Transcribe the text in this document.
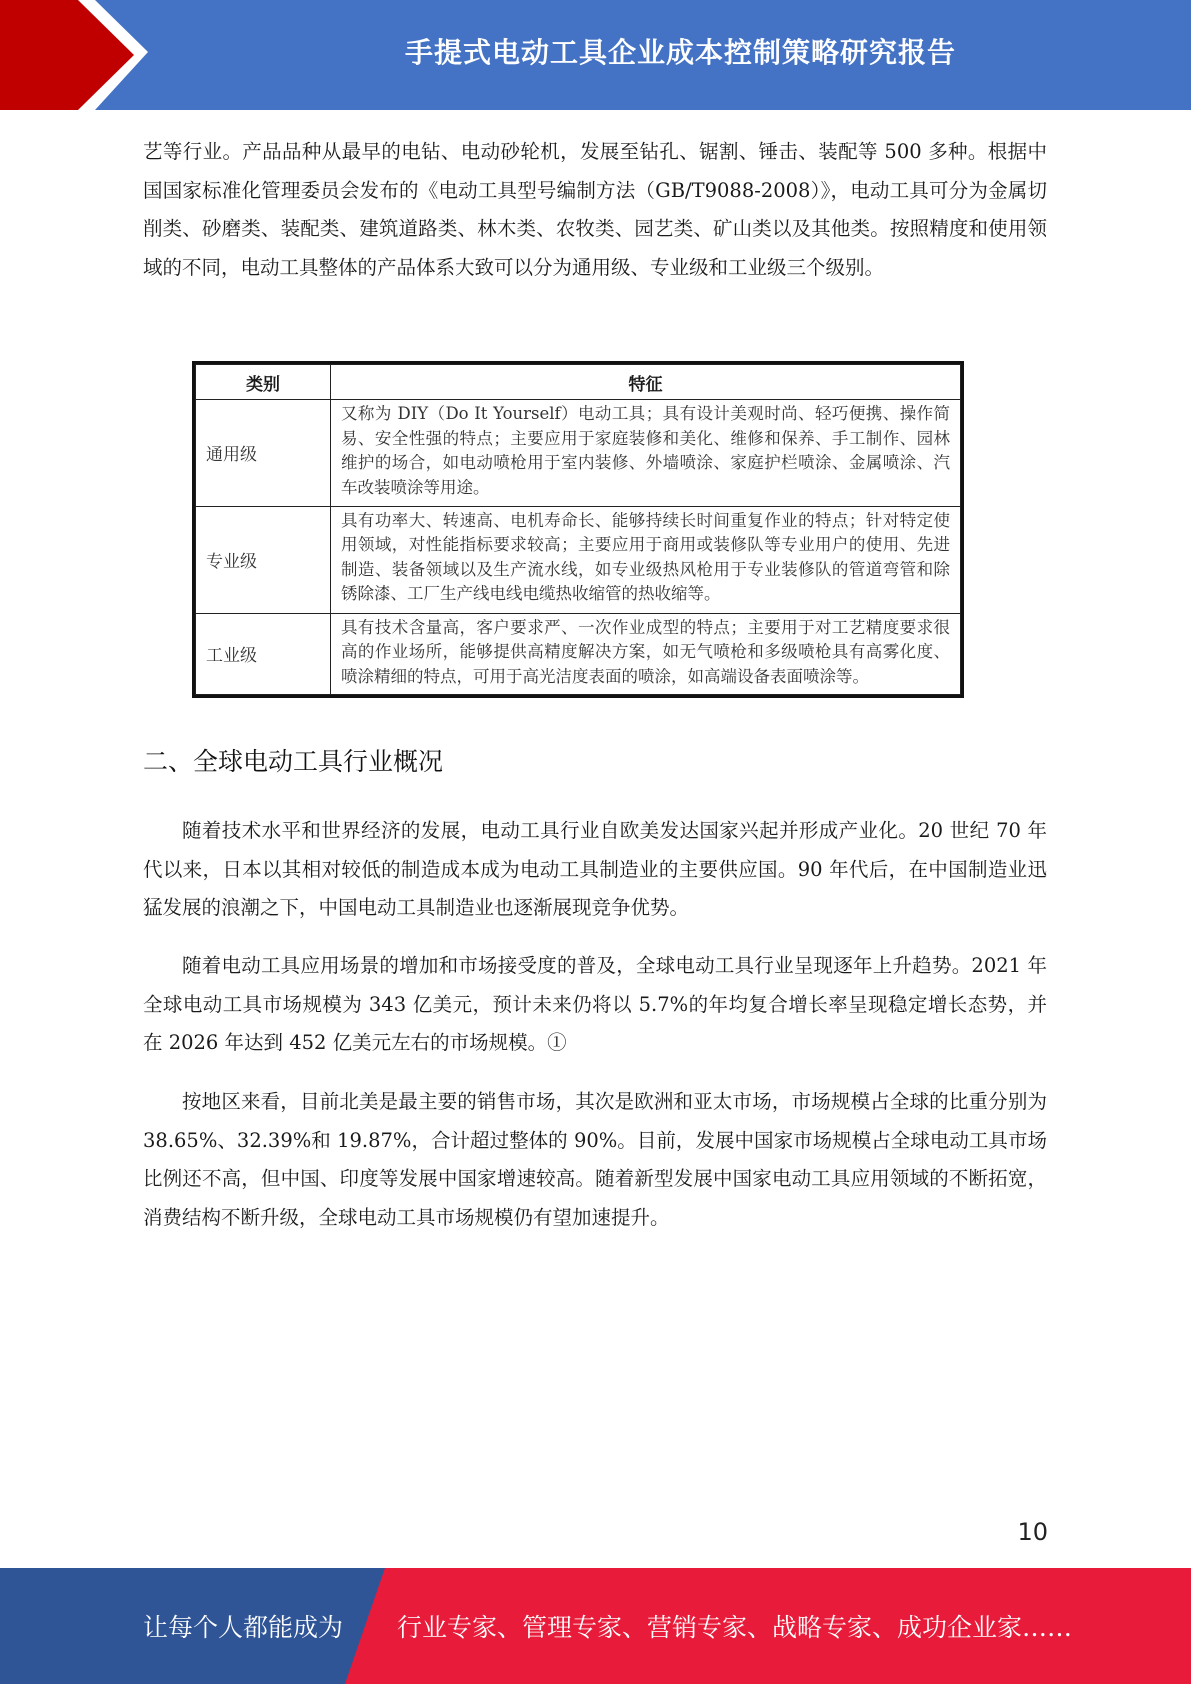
手提式电动工具企业成本控制策略研究报告

艺等行业。产品品种从最早的电钻、电动砂轮机，发展至钻孔、锯割、锤击、装配等 500 多种。根据中国国家标准化管理委员会发布的《电动工具型号编制方法（GB/T9088-2008）》，电动工具可分为金属切削类、砂磨类、装配类、建筑道路类、林木类、农牧类、园艺类、矿山类以及其他类。按照精度和使用领域的不同，电动工具整体的产品体系大致可以分为通用级、专业级和工业级三个级别。

类别	特征
通用级	又称为 DIY（Do It Yourself）电动工具；具有设计美观时尚、轻巧便携、操作简易、安全性强的特点；主要应用于家庭装修和美化、维修和保养、手工制作、园林维护的场合，如电动喷枪用于室内装修、外墙喷涂、家庭护栏喷涂、金属喷涂、汽车改装喷涂等用途。
专业级	具有功率大、转速高、电机寿命长、能够持续长时间重复作业的特点；针对特定使用领域，对性能指标要求较高；主要应用于商用或装修队等专业用户的使用、先进制造、装备领域以及生产流水线，如专业级热风枪用于专业装修队的管道弯管和除锈除漆、工厂生产线电线电缆热收缩管的热收缩等。
工业级	具有技术含量高，客户要求严、一次作业成型的特点；主要用于对工艺精度要求很高的作业场所，能够提供高精度解决方案，如无气喷枪和多级喷枪具有高雾化度、喷涂精细的特点，可用于高光洁度表面的喷涂，如高端设备表面喷涂等。
二、全球电动工具行业概况

随着技术水平和世界经济的发展，电动工具行业自欧美发达国家兴起并形成产业化。20 世纪 70 年代以来，日本以其相对较低的制造成本成为电动工具制造业的主要供应国。90 年代后，在中国制造业迅猛发展的浪潮之下，中国电动工具制造业也逐渐展现竞争优势。

随着电动工具应用场景的增加和市场接受度的普及，全球电动工具行业呈现逐年上升趋势。2021 年全球电动工具市场规模为 343 亿美元，预计未来仍将以 5.7%的年均复合增长率呈现稳定增长态势，并在 2026 年达到 452 亿美元左右的市场规模。①

按地区来看，目前北美是最主要的销售市场，其次是欧洲和亚太市场，市场规模占全球的比重分别为 38.65%、32.39%和 19.87%，合计超过整体的 90%。目前，发展中国家市场规模占全球电动工具市场比例还不高，但中国、印度等发展中国家增速较高。随着新型发展中国家电动工具应用领域的不断拓宽，消费结构不断升级，全球电动工具市场规模仍有望加速提升。

10
让每个人都能成为 行业专家、管理专家、营销专家、战略专家、成功企业家……
